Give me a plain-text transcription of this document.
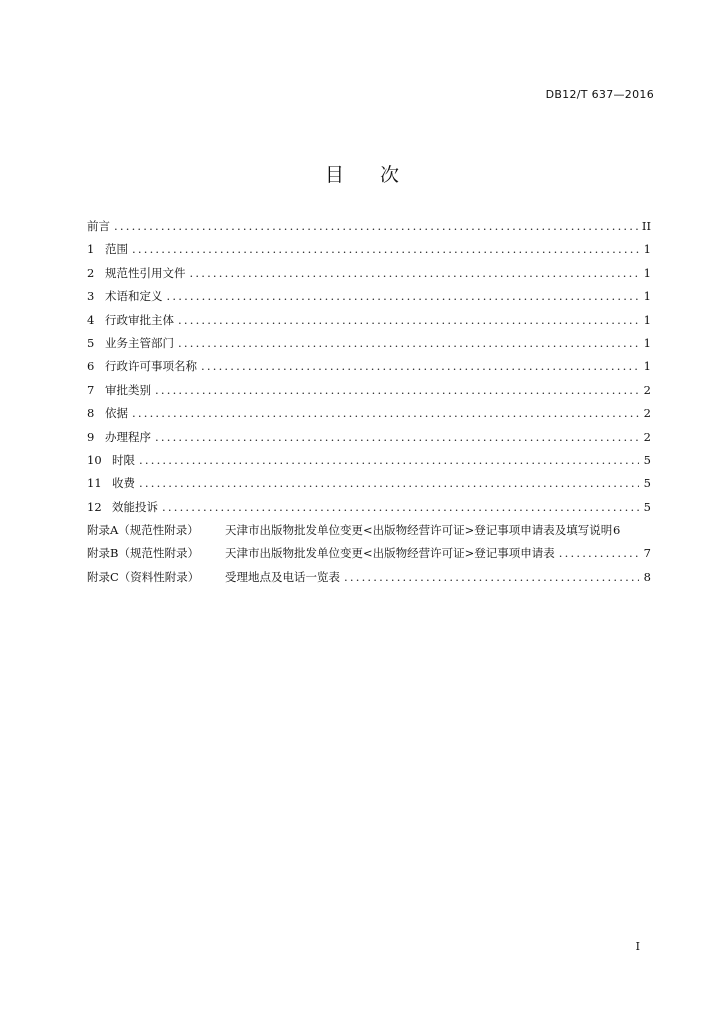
DB12/T 637—2016
目 次
前言 .....	II
1 范围 .....	1
2 规范性引用文件 .....	1
3 术语和定义 .....	1
4 行政审批主体 .....	1
5 业务主管部门 .....	1
6 行政许可事项名称 .....	1
7 审批类别 .....	2
8 依据 .....	2
9 办理程序 .....	2
10 时限 .....	5
11 收费 .....	5
12 效能投诉 .....	5
附录A（规范性附录）	天津市出版物批发单位变更<出版物经营许可证>登记事项申请表及填写说明 6
附录B（规范性附录）	天津市出版物批发单位变更<出版物经营许可证>登记事项申请表 .....	7
附录C（资料性附录）	受理地点及电话一览表 .....	8
I
